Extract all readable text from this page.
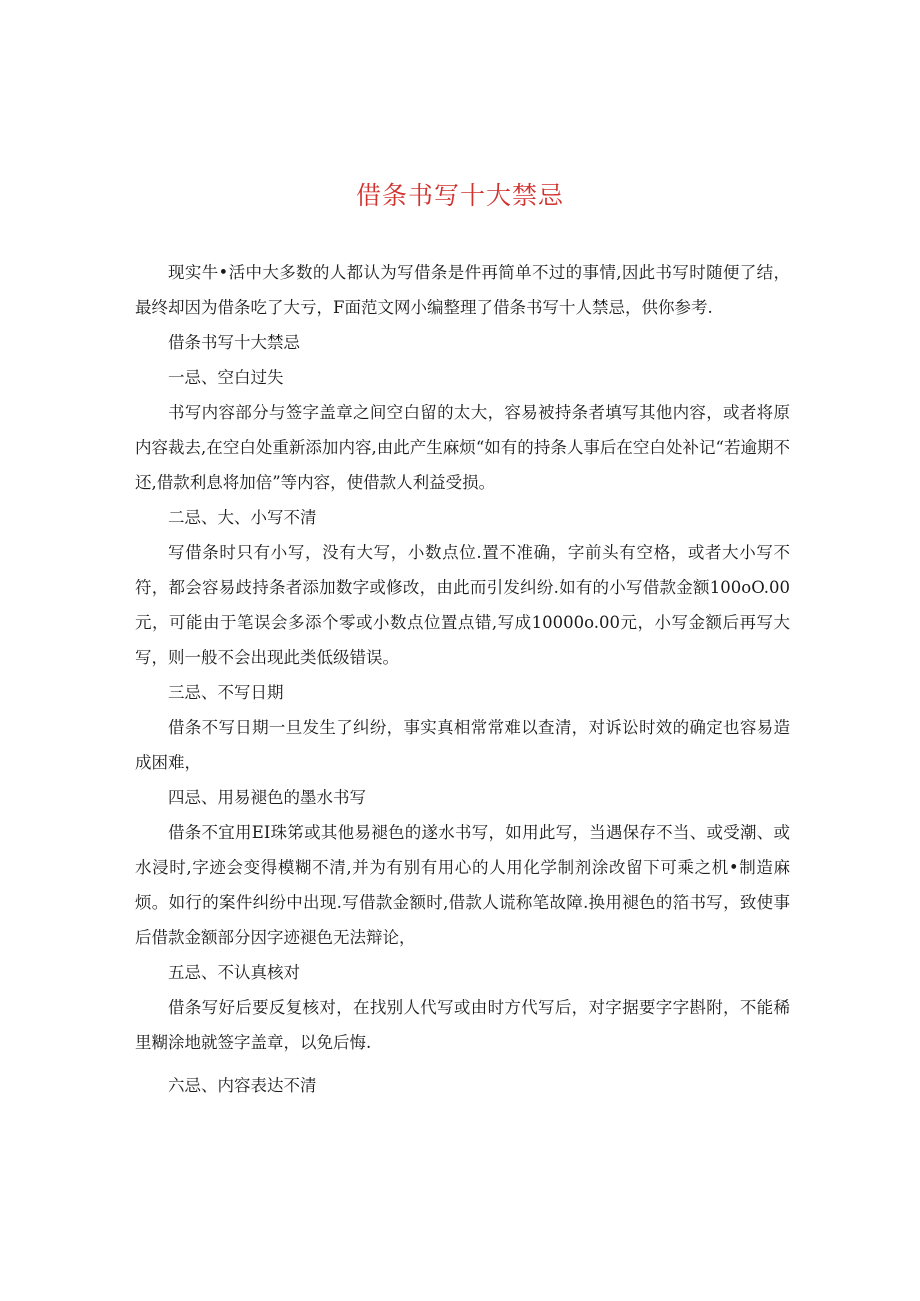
借条书写十大禁忌

现实牛•活中大多数的人都认为写借条是件再简单不过的事情,因此书写时随便了结，最终却因为借条吃了大亏，F面范文网小编整理了借条书写十人禁忌，供你参考.

借条书写十大禁忌

一忌、空白过失

书写内容部分与签字盖章之间空白留的太大，容易被持条者填写其他内容，或者将原内容裁去,在空白处重新添加内容,由此产生麻烦“如有的持条人事后在空白处补记“若逾期不还,借款利息将加倍”等内容，使借款人利益受损。

二忌、大、小写不清

写借条时只有小写，没有大写，小数点位.置不准确，字前头有空格，或者大小写不符，都会容易歧持条者添加数字或修改，由此而引发纠纷.如有的小写借款金额100oO.00元，可能由于笔误会多添个零或小数点位置点错,写成10000o.00元，小写金额后再写大写，则一般不会出现此类低级错误。

三忌、不写日期

借条不写日期一旦发生了纠纷，事实真相常常难以查清，对诉讼时效的确定也容易造成困难，

四忌、用易褪色的墨水书写

借条不宜用EI珠笫或其他易褪色的遂水书写，如用此写，当遇保存不当、或受潮、或水浸时,字迹会变得模糊不清,并为有别有用心的人用化学制剂涂改留下可乘之机•制造麻烦。如行的案件纠纷中出现.写借款金额时,借款人谎称笔故障.换用褪色的箔书写，致使事后借款金额部分因字迹褪色无法辩论，

五忌、不认真核对

借条写好后要反复核对，在找别人代写或由时方代写后，对字据要字字斟附，不能稀里糊涂地就签字盖章，以免后悔.

六忌、内容表达不清
